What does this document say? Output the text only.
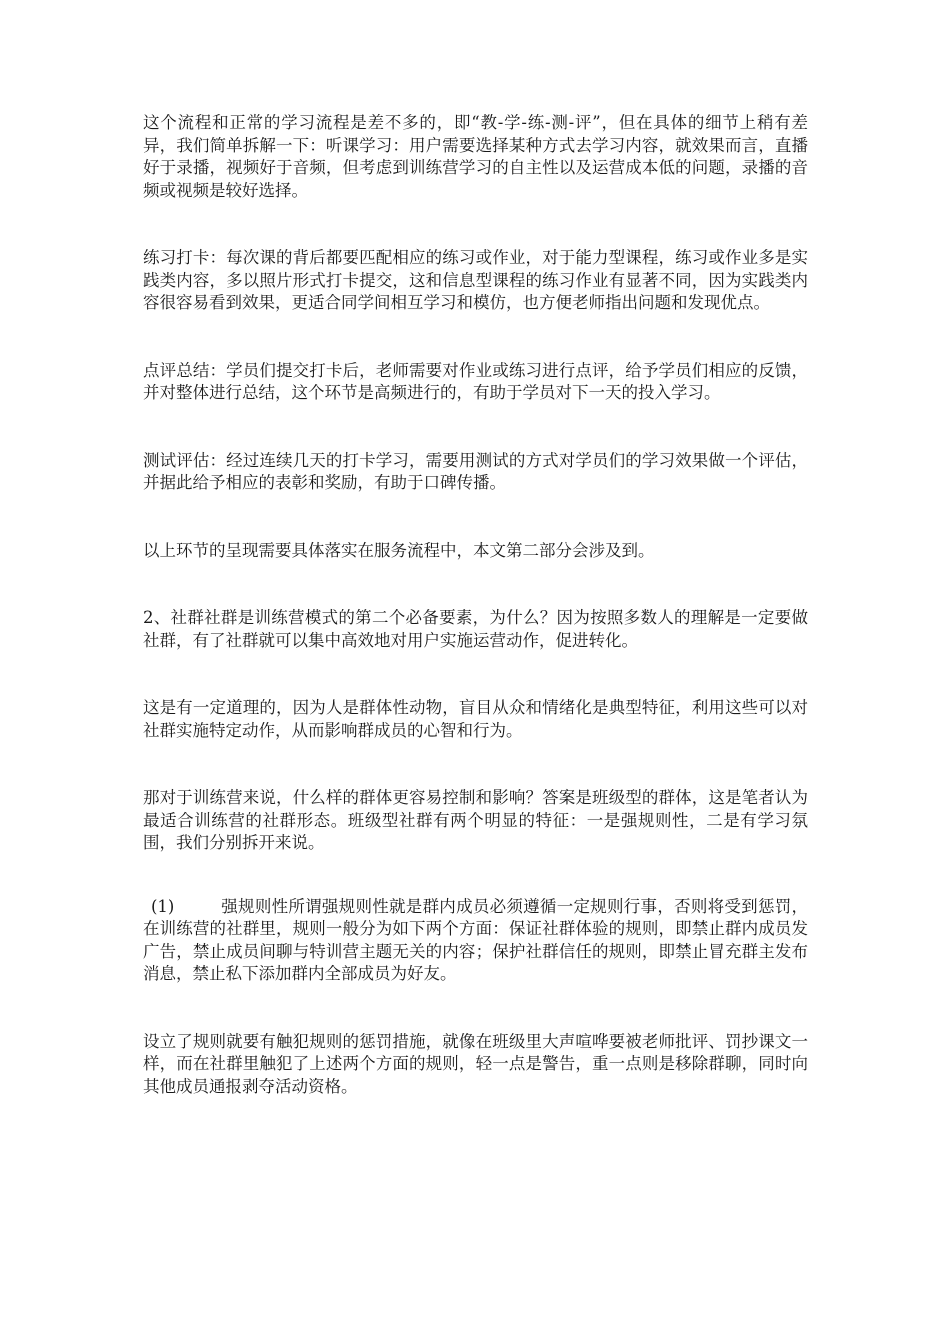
这个流程和正常的学习流程是差不多的，即“教-学-练-测-评”，但在具体的细节上稍有差异，我们简单拆解一下：听课学习：用户需要选择某种方式去学习内容，就效果而言，直播好于录播，视频好于音频，但考虑到训练营学习的自主性以及运营成本低的问题，录播的音频或视频是较好选择。

练习打卡：每次课的背后都要匹配相应的练习或作业，对于能力型课程，练习或作业多是实践类内容，多以照片形式打卡提交，这和信息型课程的练习作业有显著不同，因为实践类内容很容易看到效果，更适合同学间相互学习和模仿，也方便老师指出问题和发现优点。

点评总结：学员们提交打卡后，老师需要对作业或练习进行点评，给予学员们相应的反馈，并对整体进行总结，这个环节是高频进行的，有助于学员对下一天的投入学习。

测试评估：经过连续几天的打卡学习，需要用测试的方式对学员们的学习效果做一个评估，并据此给予相应的表彰和奖励，有助于口碑传播。

以上环节的呈现需要具体落实在服务流程中，本文第二部分会涉及到。

2、社群社群是训练营模式的第二个必备要素，为什么？因为按照多数人的理解是一定要做社群，有了社群就可以集中高效地对用户实施运营动作，促进转化。

这是有一定道理的，因为人是群体性动物，盲目从众和情绪化是典型特征，利用这些可以对社群实施特定动作，从而影响群成员的心智和行为。

那对于训练营来说，什么样的群体更容易控制和影响？答案是班级型的群体，这是笔者认为最适合训练营的社群形态。班级型社群有两个明显的特征：一是强规则性，二是有学习氛围，我们分别拆开来说。

(1)	强规则性所谓强规则性就是群内成员必须遵循一定规则行事，否则将受到惩罚，在训练营的社群里，规则一般分为如下两个方面：保证社群体验的规则，即禁止群内成员发广告，禁止成员间聊与特训营主题无关的内容；保护社群信任的规则，即禁止冒充群主发布消息，禁止私下添加群内全部成员为好友。

设立了规则就要有触犯规则的惩罚措施，就像在班级里大声喧哗要被老师批评、罚抄课文一样，而在社群里触犯了上述两个方面的规则，轻一点是警告，重一点则是移除群聊，同时向其他成员通报剥夺活动资格。
